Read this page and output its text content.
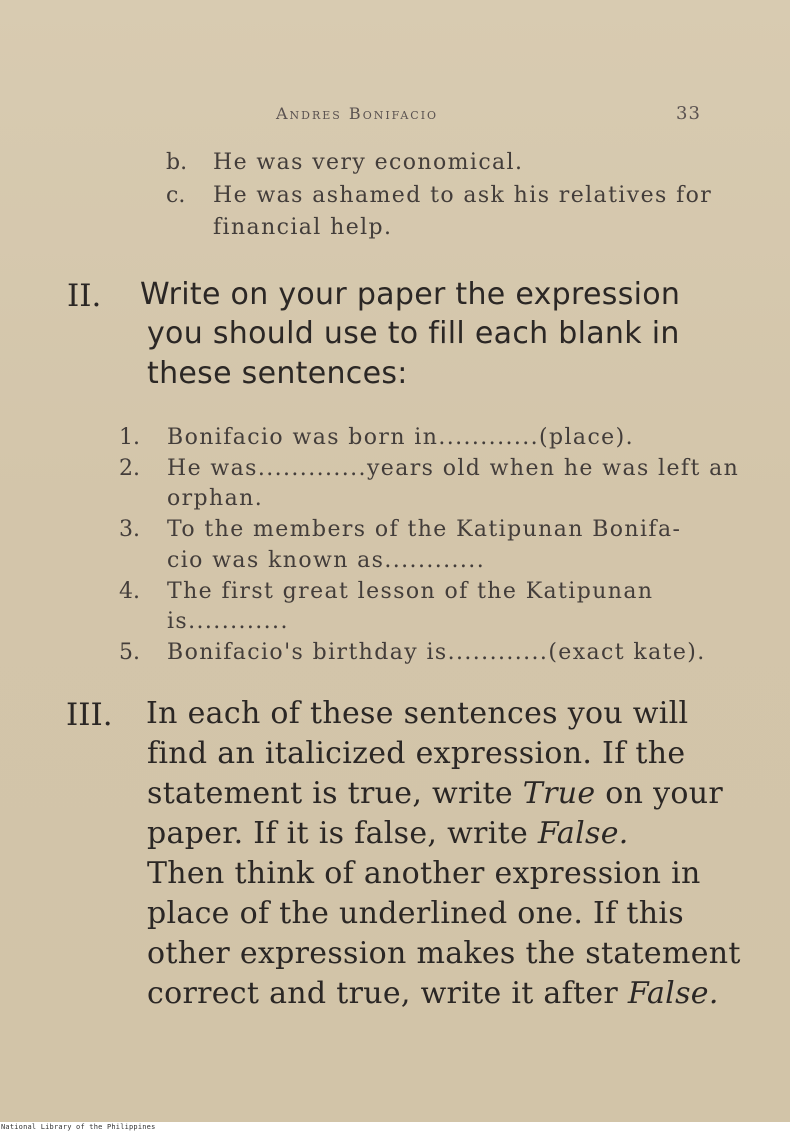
Andres Bonifacio	33
b. He was very economical.
c. He was ashamed to ask his relatives for
financial help.
II. Write on your paper the expression
you should use to fill each blank in
these sentences:
1. Bonifacio was born in............(place).
2. He was.............years old when he was left an
orphan.
3. To the members of the Katipunan Bonifa-
cio was known as............
4. The first great lesson of the Katipunan
is............
5. Bonifacio's birthday is............(exact kate).
III. In each of these sentences you will
find an italicized expression. If the
statement is true, write True on your
paper. If it is false, write False.
Then think of another expression in
place of the underlined one. If this
other expression makes the statement
correct and true, write it after False.
National Library of the Philippines
